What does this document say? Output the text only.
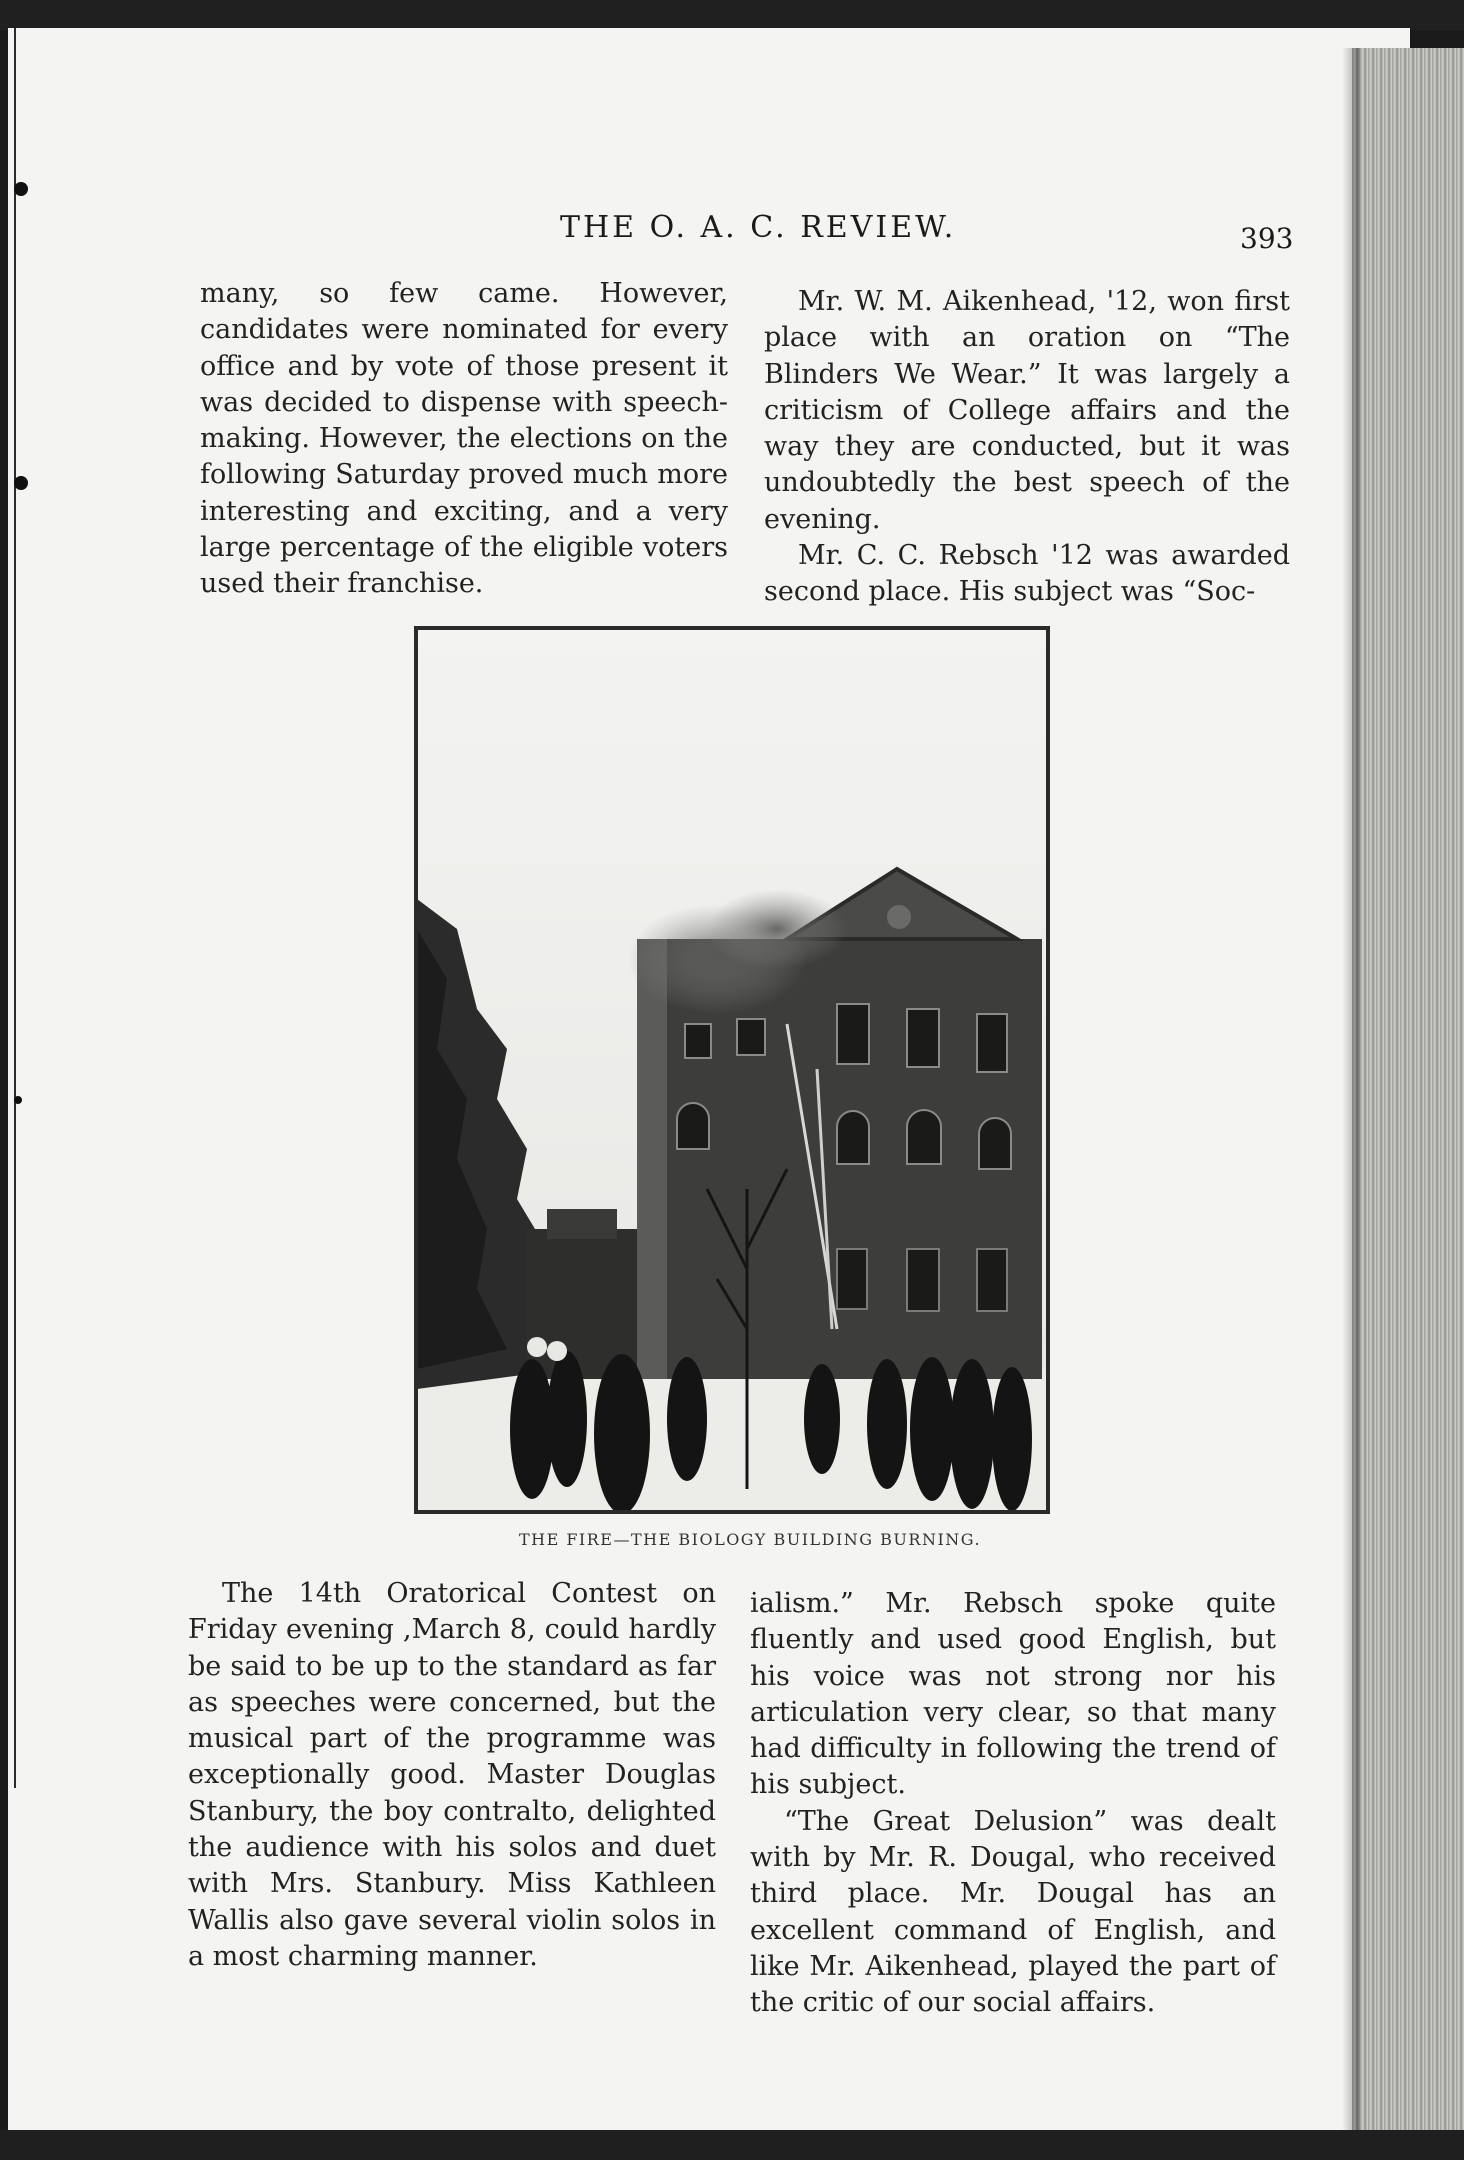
THE O. A. C. REVIEW.	393

many, so few came. However, candidates were nominated for every office and by vote of those present it was decided to dispense with speech-making. However, the elections on the following Saturday proved much more interesting and exciting, and a very large percentage of the eligible voters used their franchise.

Mr. W. M. Aikenhead, '12, won first place with an oration on “The Blinders We Wear.” It was largely a criticism of College affairs and the way they are conducted, but it was undoubtedly the best speech of the evening.

Mr. C. C. Rebsch '12 was awarded second place. His subject was “Soc-

THE FIRE—THE BIOLOGY BUILDING BURNING.

The 14th Oratorical Contest on Friday evening ,March 8, could hardly be said to be up to the standard as far as speeches were concerned, but the musical part of the programme was exceptionally good. Master Douglas Stanbury, the boy contralto, delighted the audience with his solos and duet with Mrs. Stanbury. Miss Kathleen Wallis also gave several violin solos in a most charming manner.

ialism.” Mr. Rebsch spoke quite fluently and used good English, but his voice was not strong nor his articulation very clear, so that many had difficulty in following the trend of his subject.

“The Great Delusion” was dealt with by Mr. R. Dougal, who received third place. Mr. Dougal has an excellent command of English, and like Mr. Aikenhead, played the part of the critic of our social affairs.
